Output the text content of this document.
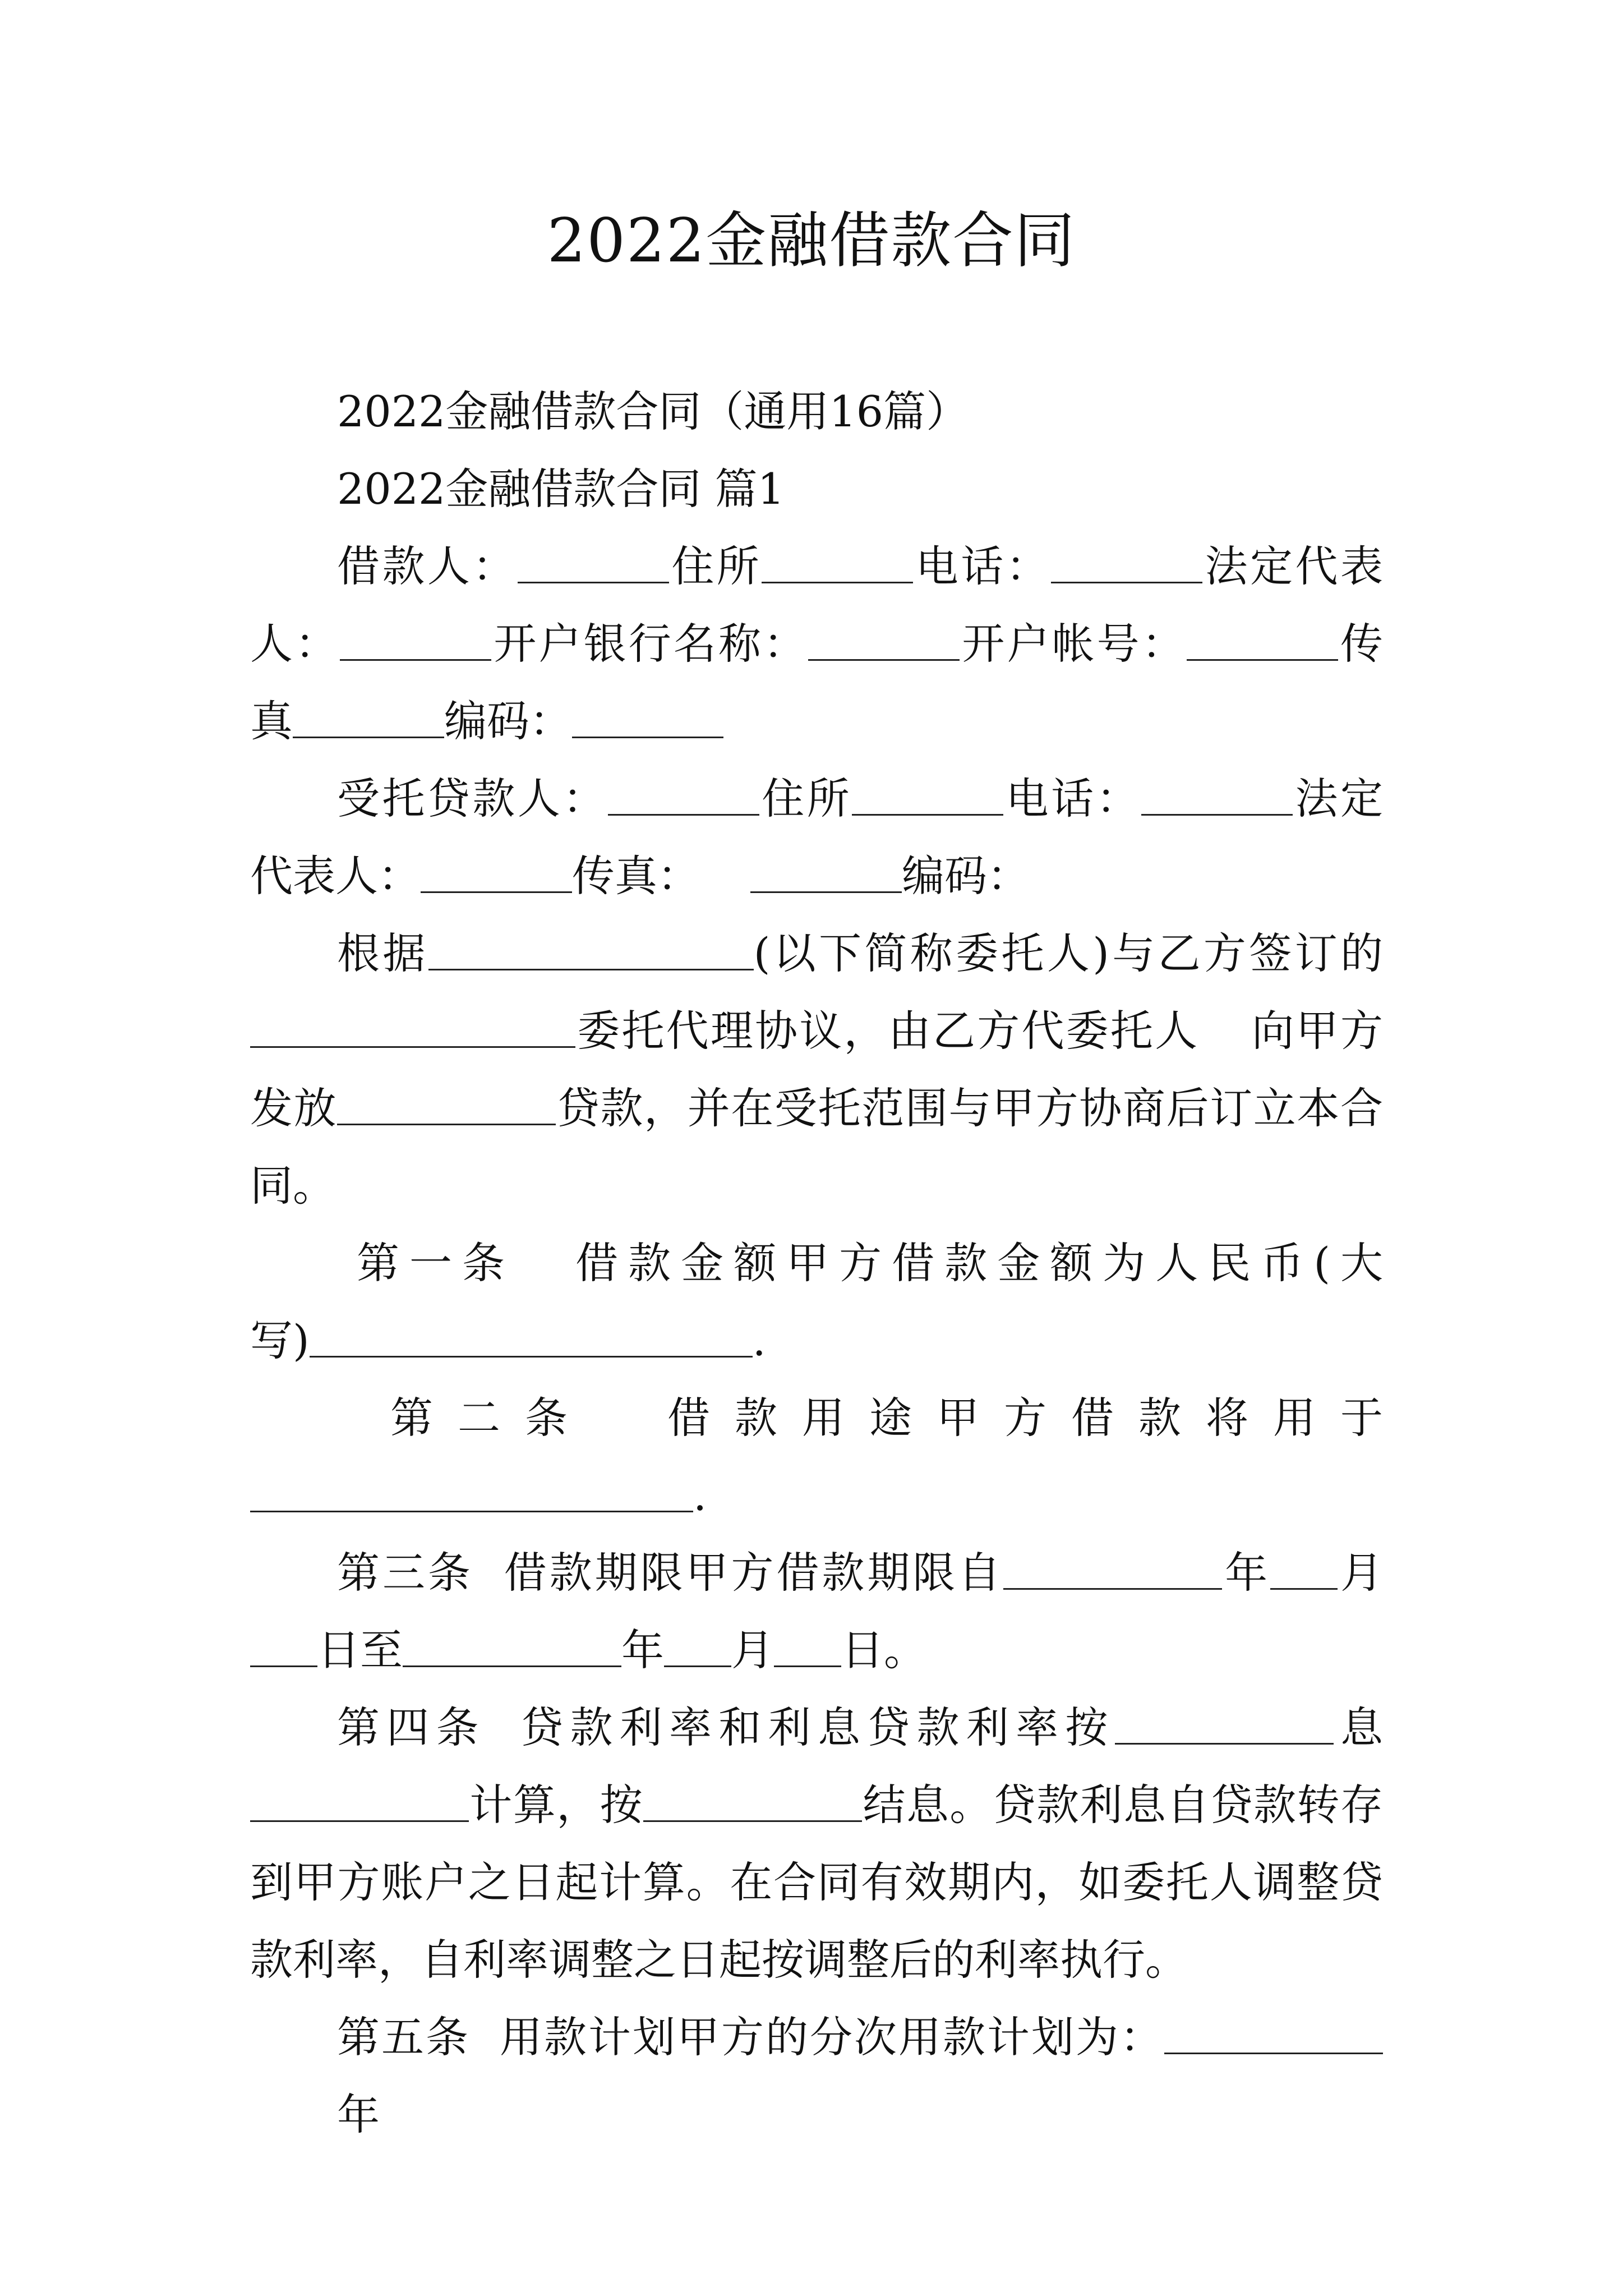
2022金融借款合同
2022金融借款合同（通用16篇）
2022金融借款合同 篇1
借款人：	住所	电话：	法定代表
人：	开户银行名称：	开户帐号：	传
真	编码：
受托贷款人：	住所	电话：	法定
代表人：	传真：	编码：
根据	(以下简称委托人)与乙方签订的
委托代理协议，由乙方代委托人 向甲方
发放	贷款，并在受托范围与甲方协商后订立本合
同。
第一条 借款金额甲方借款金额为人民币(大
写)	.
第二条 借款用途甲方借款将用于
.
第三条 借款期限甲方借款期限自	年 月
日至	年 月 日。
第四条 贷款利率和利息贷款利率按	息
计算，按	结息。贷款利息自贷款转存
到甲方账户之日起计算。在合同有效期内，如委托人调整贷
款利率，自利率调整之日起按调整后的利率执行。
第五条 用款计划甲方的分次用款计划为：年
